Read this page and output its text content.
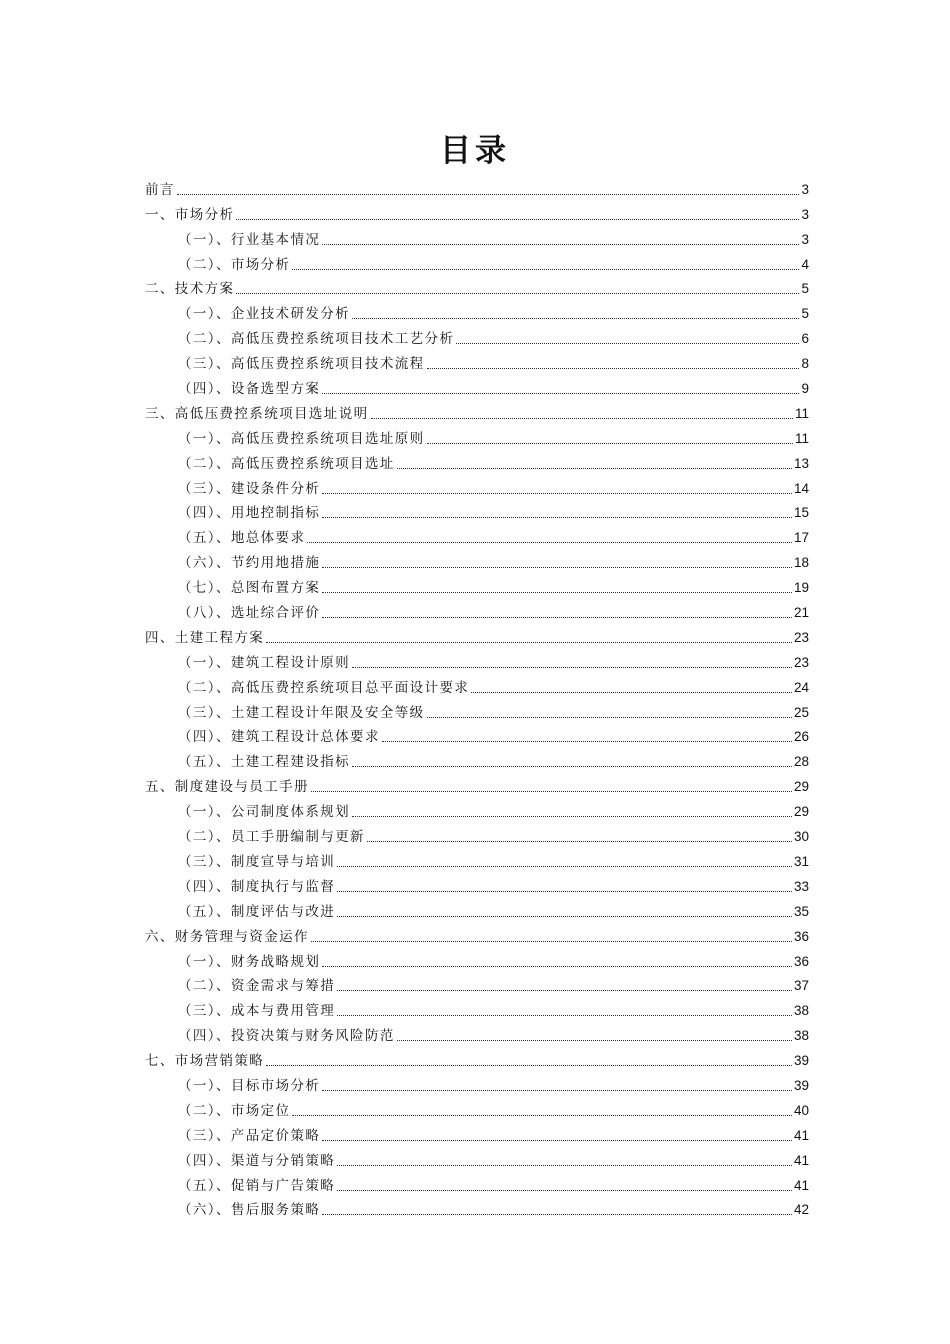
目录
前言	3
一、市场分析	3
（一）、行业基本情况	3
（二）、市场分析	4
二、技术方案	5
（一）、企业技术研发分析	5
（二）、高低压费控系统项目技术工艺分析	6
（三）、高低压费控系统项目技术流程	8
（四）、设备选型方案	9
三、高低压费控系统项目选址说明	11
（一）、高低压费控系统项目选址原则	11
（二）、高低压费控系统项目选址	13
（三）、建设条件分析	14
（四）、用地控制指标	15
（五）、地总体要求	17
（六）、节约用地措施	18
（七）、总图布置方案	19
（八）、选址综合评价	21
四、土建工程方案	23
（一）、建筑工程设计原则	23
（二）、高低压费控系统项目总平面设计要求	24
（三）、土建工程设计年限及安全等级	25
（四）、建筑工程设计总体要求	26
（五）、土建工程建设指标	28
五、制度建设与员工手册	29
（一）、公司制度体系规划	29
（二）、员工手册编制与更新	30
（三）、制度宣导与培训	31
（四）、制度执行与监督	33
（五）、制度评估与改进	35
六、财务管理与资金运作	36
（一）、财务战略规划	36
（二）、资金需求与筹措	37
（三）、成本与费用管理	38
（四）、投资决策与财务风险防范	38
七、市场营销策略	39
（一）、目标市场分析	39
（二）、市场定位	40
（三）、产品定价策略	41
（四）、渠道与分销策略	41
（五）、促销与广告策略	41
（六）、售后服务策略	42
